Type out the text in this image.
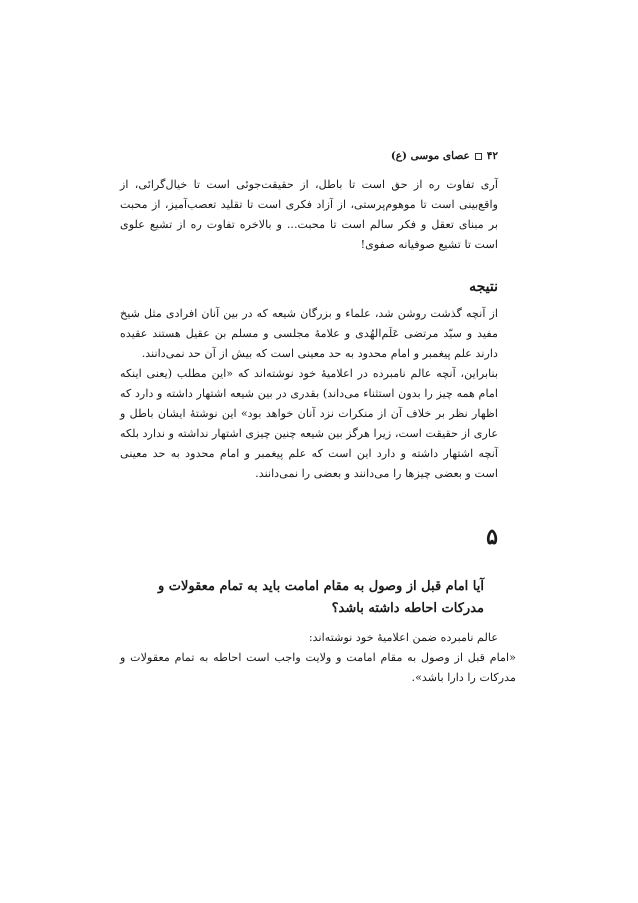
۴۲
عصای موسی (ع)

آری تفاوت ره از حق است تا باطل، از حقیقت‌جوئی است تا خیال‌گرائی، از واقع‌بینی است تا موهوم‌پرستی، از آزاد فکری است تا تقلید تعصب‌آمیز، از محبت بر مبنای تعقل و فکر سالم است تا محبت... و بالاخره تفاوت ره از تشیع علوی است تا تشیع صوفیانه صفوی!

نتیجه

از آنچه گذشت روشن شد، علماء و بزرگان شیعه که در بین آنان افرادی مثل شیخ مفید و سیّد مرتضی عَلَم‌الهُدی و علامهٔ مجلسی و مسلم بن عقیل هستند عقیده دارند علم پیغمبر و امام محدود به حد معینی است که بیش از آن حد نمی‌دانند.

بنابراین، آنچه عالم نامبرده در اعلامیهٔ خود نوشته‌اند که «این مطلب (یعنی اینکه امام همه چیز را بدون استثناء می‌داند) بقدری در بین شیعه اشتهار داشته و دارد که اظهار نظر بر خلاف آن از منکرات نزد آنان خواهد بود» این نوشتهٔ ایشان باطل و عاری از حقیقت است، زیرا هرگز بین شیعه چنین چیزی اشتهار نداشته و ندارد بلکه آنچه اشتهار داشته و دارد این است که علم پیغمبر و امام محدود به حد معینی است و بعضی چیزها را می‌دانند و بعضی را نمی‌دانند.

۵
آیا امام قبل از وصول به مقام امامت باید به تمام معقولات و مدرکات احاطه داشته باشد؟

عالم نامبرده ضمن اعلامیهٔ خود نوشته‌اند:

«امام قبل از وصول به مقام امامت و ولایت واجب است احاطه به تمام معقولات و مدرکات را دارا باشد».
